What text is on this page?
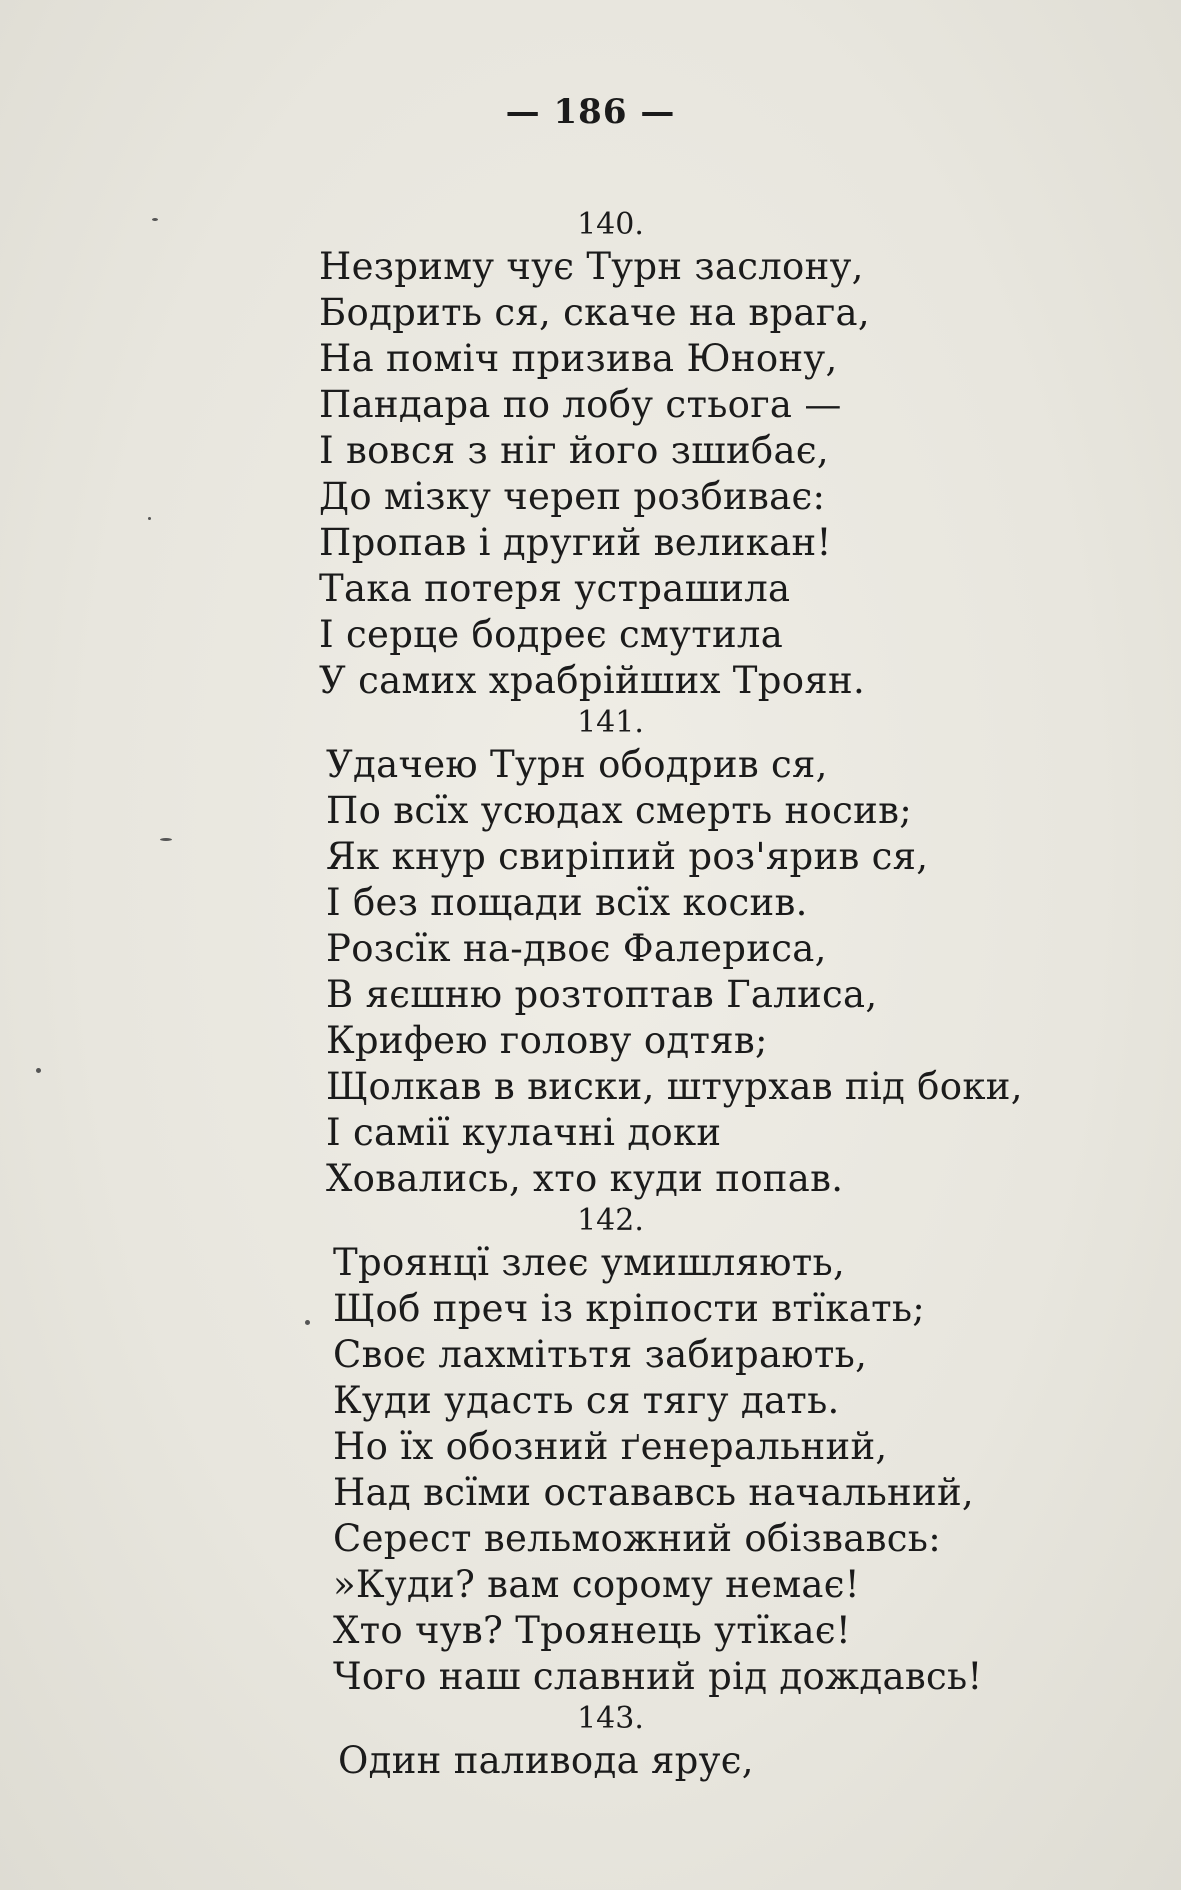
— 186 —
140.
Незриму чує Турн заслону,
Бодрить ся, скаче на врага,
На поміч призива Юнону,
Пандара по лобу стьога —
І вовся з ніг його зшибає,
До мізку череп розбиває:
Пропав і другий великан!
Така потеря устрашила
І серце бодреє смутила
У самих храбрійших Троян.
141.
Удачею Турн ободрив ся,
По всїх усюдах смерть носив;
Як кнур свиріпий роз'ярив ся,
І без пощади всїх косив.
Розсїк на-двоє Фалериса,
В яєшню розтоптав Галиса,
Крифею голову одтяв;
Щолкав в виски, штурхав під боки,
І самії кулачні доки
Ховались, хто куди попав.
142.
Троянцї злеє умишляють,
Щоб преч із кріпости втїкать;
Своє лахмітьтя забирають,
Куди удасть ся тягу дать.
Но їх обозний ґенеральний,
Над всїми остававсь начальний,
Серест вельможний обізвавсь:
»Куди? вам сорому немає!
Хто чув? Троянець утїкає!
Чого наш славний рід дождавсь!
143.
Один паливода ярує,
